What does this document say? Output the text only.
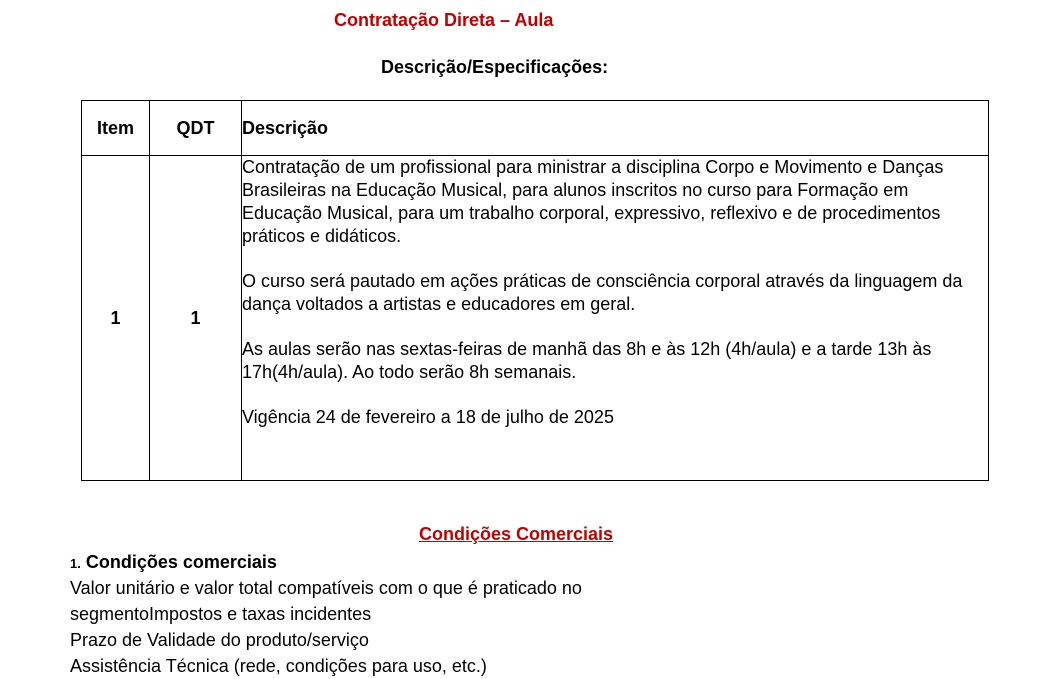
Contratação Direta – Aula
Descrição/Especificações:
Item	QDT	Descrição
1	1	Contratação de um profissional para ministrar a disciplina Corpo e Movimento e Danças Brasileiras na Educação Musical, para alunos inscritos no curso para Formação em Educação Musical, para um trabalho corporal, expressivo, reflexivo e de procedimentos práticos e didáticos.

O curso será pautado em ações práticas de consciência corporal através da linguagem da dança voltados a artistas e educadores em geral.

As aulas serão nas sextas-feiras de manhã das 8h e às 12h (4h/aula) e a tarde 13h às 17h(4h/aula). Ao todo serão 8h semanais.

Vigência 24 de fevereiro a 18 de julho de 2025

Condições Comerciais
1. Condições comerciais
Valor unitário e valor total compatíveis com o que é praticado no
segmentoImpostos e taxas incidentes
Prazo de Validade do produto/serviço
Assistência Técnica (rede, condições para uso, etc.)
